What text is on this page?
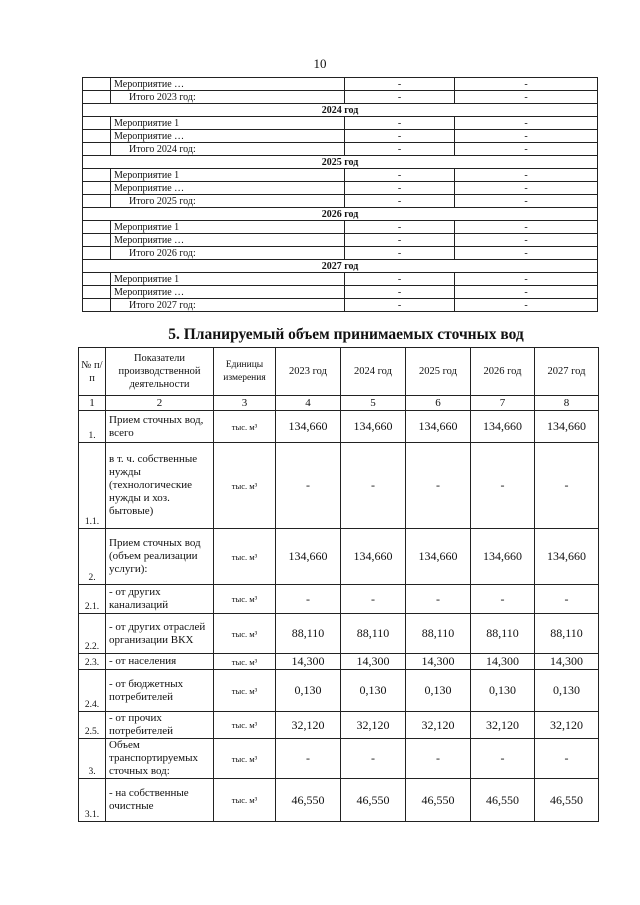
10
	Мероприятие …	-	-
	Итого 2023 год:	-	-
2024 год			
	Мероприятие 1	-	-
	Мероприятие …	-	-
	Итого 2024 год:	-	-
2025 год			
	Мероприятие 1	-	-
	Мероприятие …	-	-
	Итого 2025 год:	-	-
2026 год			
	Мероприятие 1	-	-
	Мероприятие …	-	-
	Итого 2026 год:	-	-
2027 год			
	Мероприятие 1	-	-
	Мероприятие …	-	-
	Итого 2027 год:	-	-
5. Планируемый объем принимаемых сточных вод
№ п/ п	Показатели производственной деятельности	Единицы измерения	2023 год	2024 год	2025 год	2026 год	2027 год
1	2	3	4	5	6	7	8
1.	Прием сточных вод, всего	тыс. м³	134,660	134,660	134,660	134,660	134,660
1.1.	в т. ч. собственные нужды (технологические нужды и хоз. бытовые)	тыс. м³	-	-	-	-	-
2.	Прием сточных вод (объем реализации услуги):	тыс. м³	134,660	134,660	134,660	134,660	134,660
2.1.	- от других канализаций	тыс. м³	-	-	-	-	-
2.2.	- от других отраслей организации ВКХ	тыс. м³	88,110	88,110	88,110	88,110	88,110
2.3.	- от населения	тыс. м³	14,300	14,300	14,300	14,300	14,300
2.4.	- от бюджетных потребителей	тыс. м³	0,130	0,130	0,130	0,130	0,130
2.5.	- от прочих потребителей	тыс. м³	32,120	32,120	32,120	32,120	32,120
3.	Объем транспортируемых сточных вод:	тыс. м³	-	-	-	-	-
3.1.	- на собственные очистные	тыс. м³	46,550	46,550	46,550	46,550	46,550
